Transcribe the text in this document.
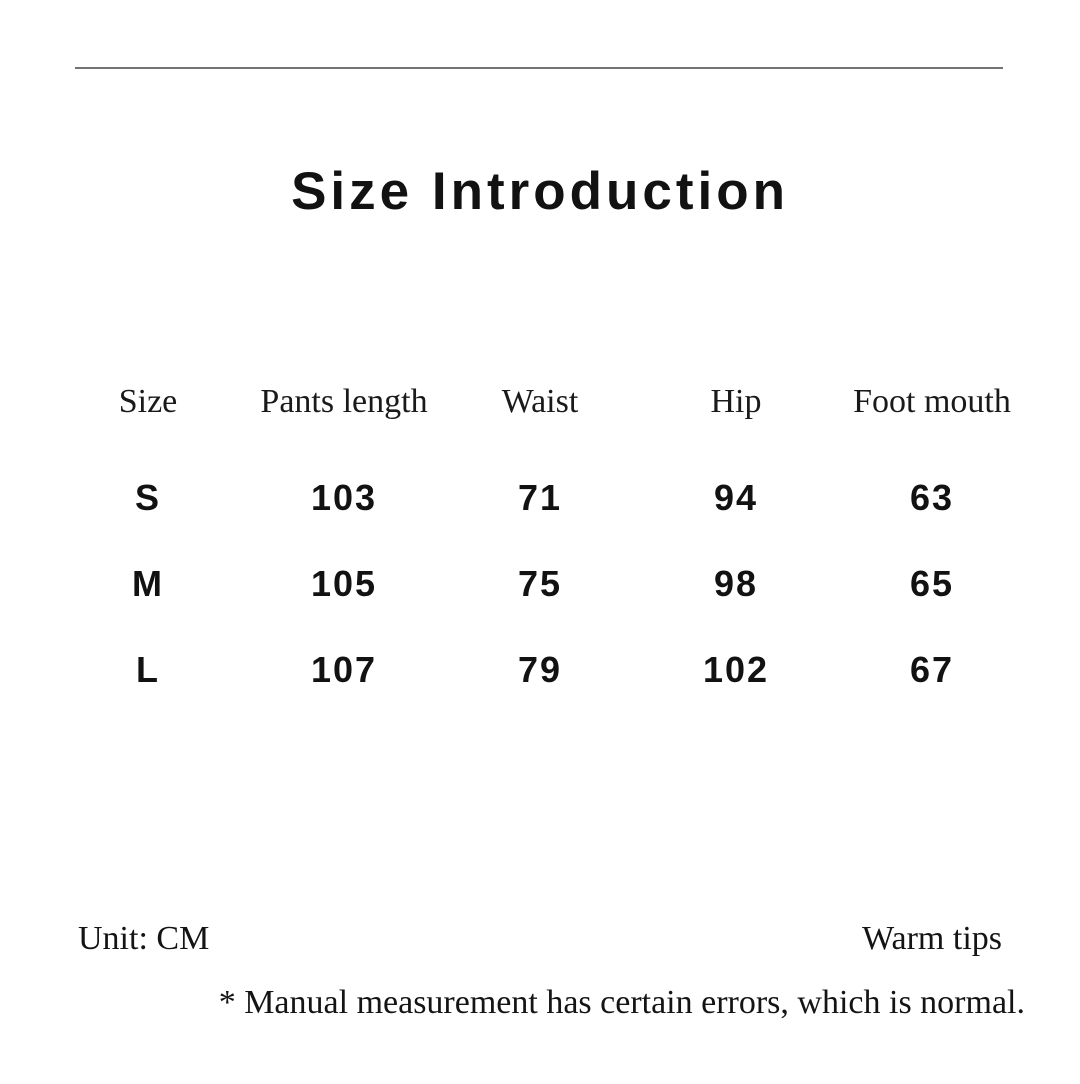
Size Introduction
Size	Pants length	Waist	Hip	Foot mouth
S	103	71	94	63
M	105	75	98	65
L	107	79	102	67
Unit: CM	Warm tips
* Manual measurement has certain errors, which is normal.
